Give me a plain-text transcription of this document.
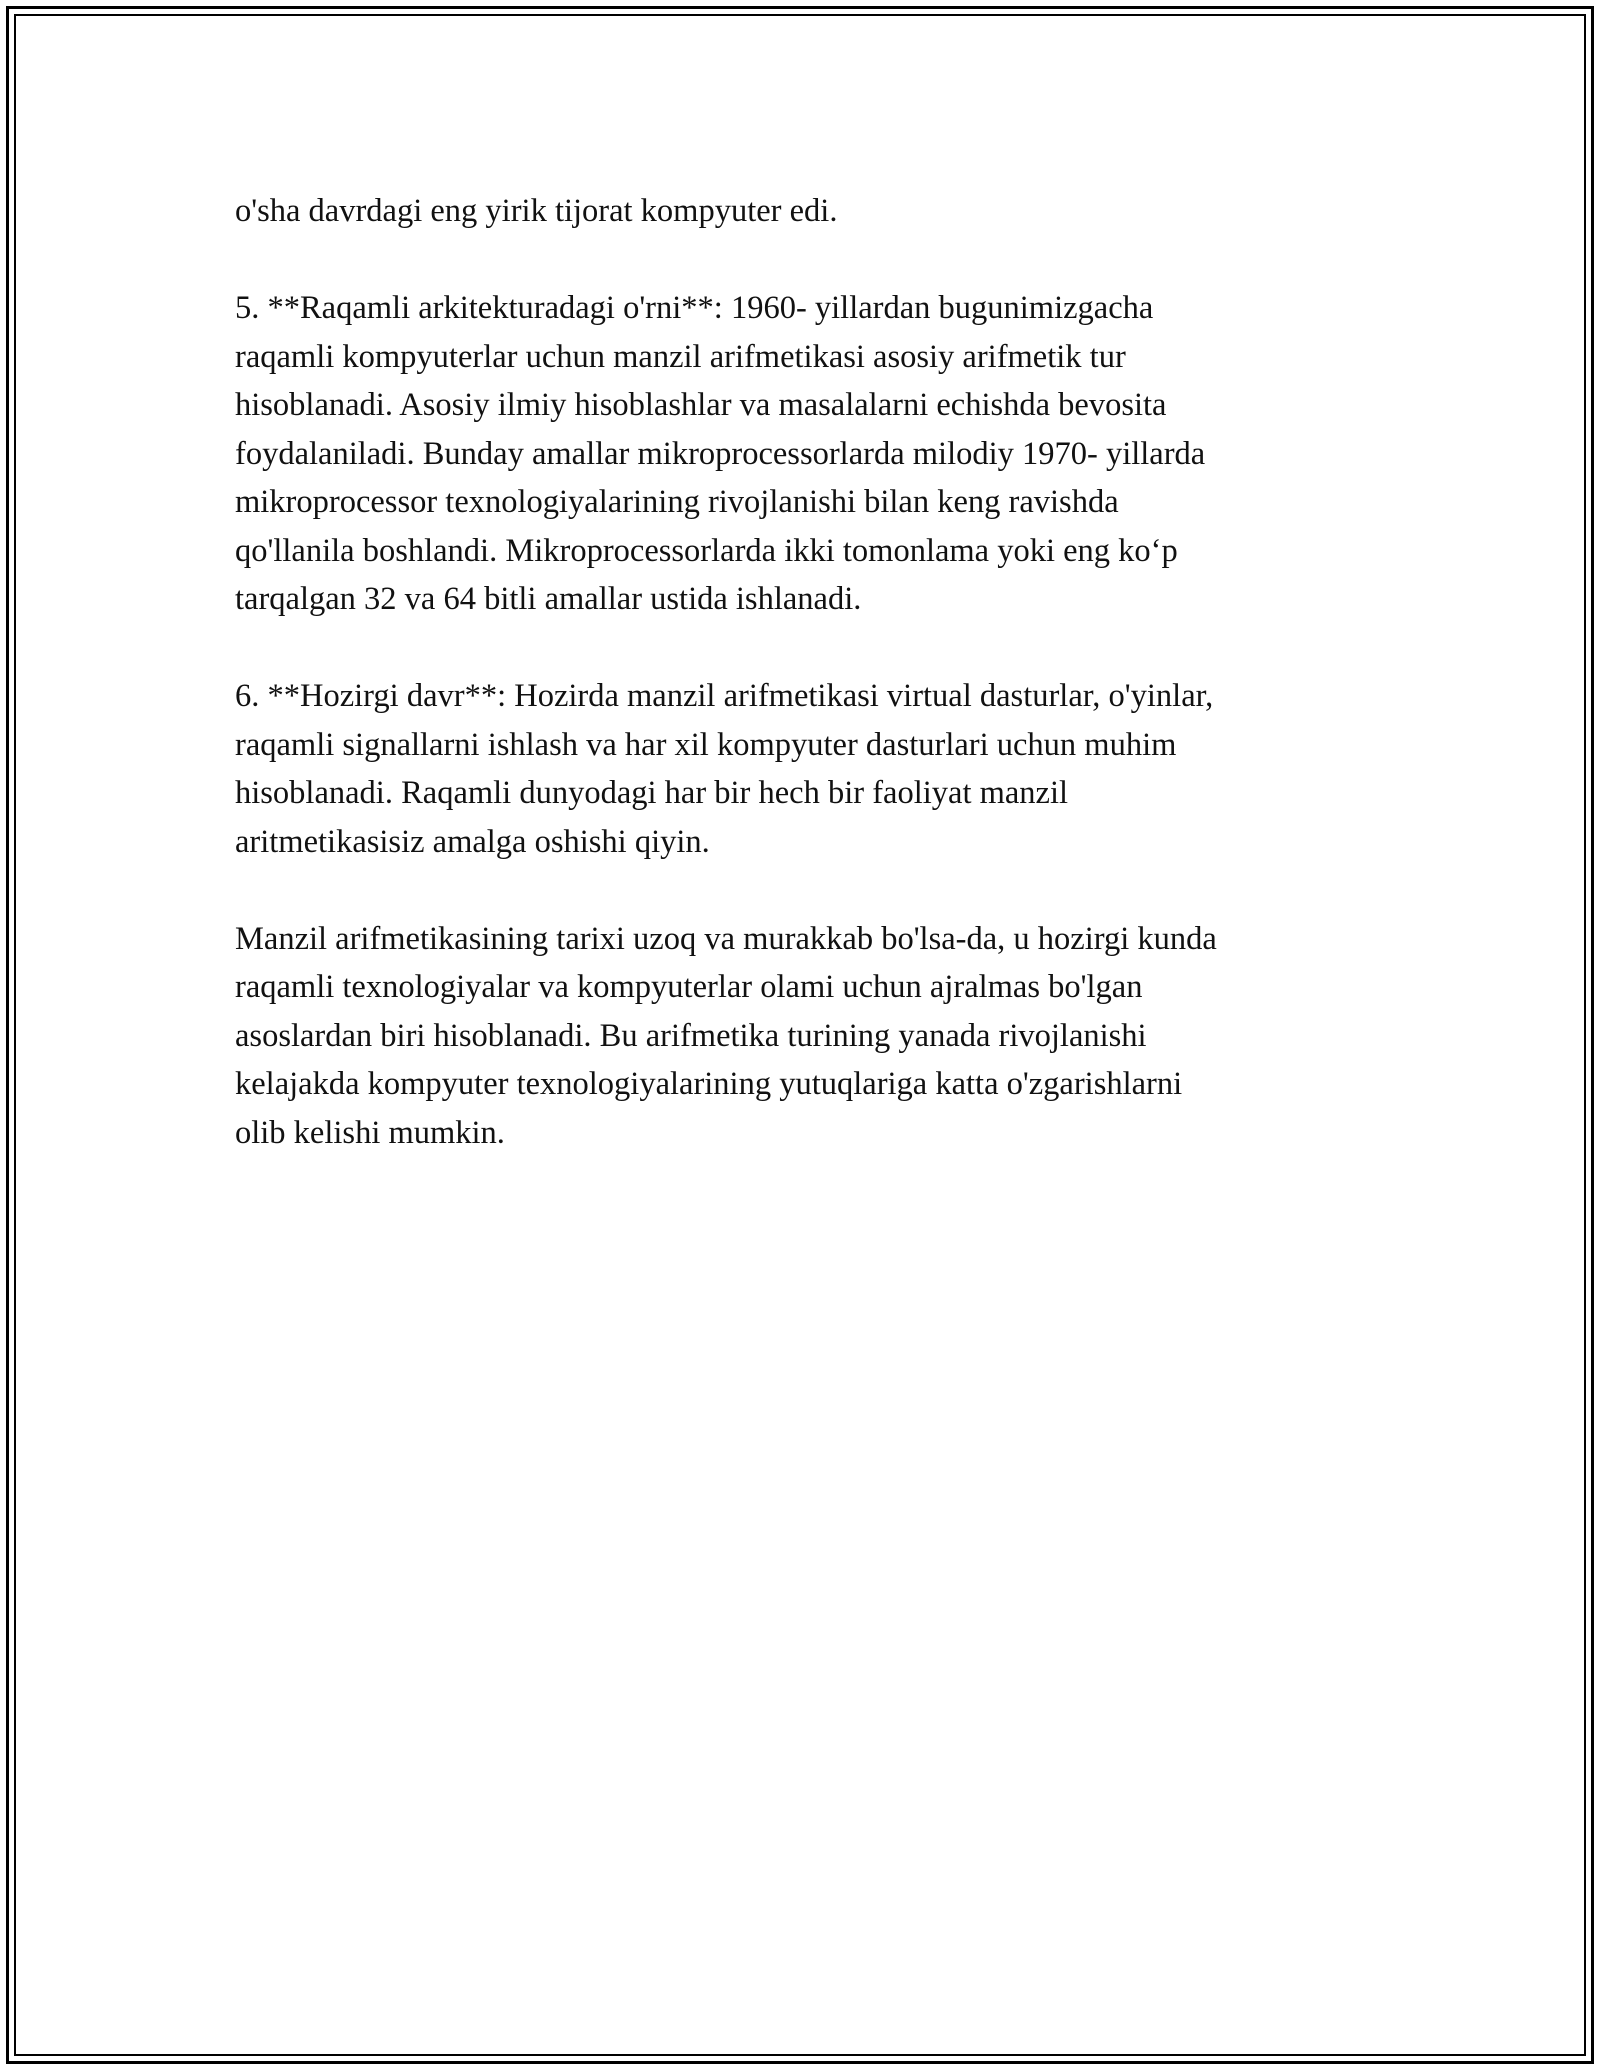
o'sha davrdagi eng yirik tijorat kompyuter edi.

5. **Raqamli arkitekturadagi o'rni**: 1960- yillardan bugunimizgacha
raqamli kompyuterlar uchun manzil arifmetikasi asosiy arifmetik tur
hisoblanadi. Asosiy ilmiy hisoblashlar va masalalarni echishda bevosita
foydalaniladi. Bunday amallar mikroprocessorlarda milodiy 1970- yillarda
mikroprocessor texnologiyalarining rivojlanishi bilan keng ravishda
qo'llanila boshlandi. Mikroprocessorlarda ikki tomonlama yoki eng ko‘p
tarqalgan 32 va 64 bitli amallar ustida ishlanadi.

6. **Hozirgi davr**: Hozirda manzil arifmetikasi virtual dasturlar, o'yinlar,
raqamli signallarni ishlash va har xil kompyuter dasturlari uchun muhim
hisoblanadi. Raqamli dunyodagi har bir hech bir faoliyat manzil
aritmetikasisiz amalga oshishi qiyin.

Manzil arifmetikasining tarixi uzoq va murakkab bo'lsa-da, u hozirgi kunda
raqamli texnologiyalar va kompyuterlar olami uchun ajralmas bo'lgan
asoslardan biri hisoblanadi. Bu arifmetika turining yanada rivojlanishi
kelajakda kompyuter texnologiyalarining yutuqlariga katta o'zgarishlarni
olib kelishi mumkin.
